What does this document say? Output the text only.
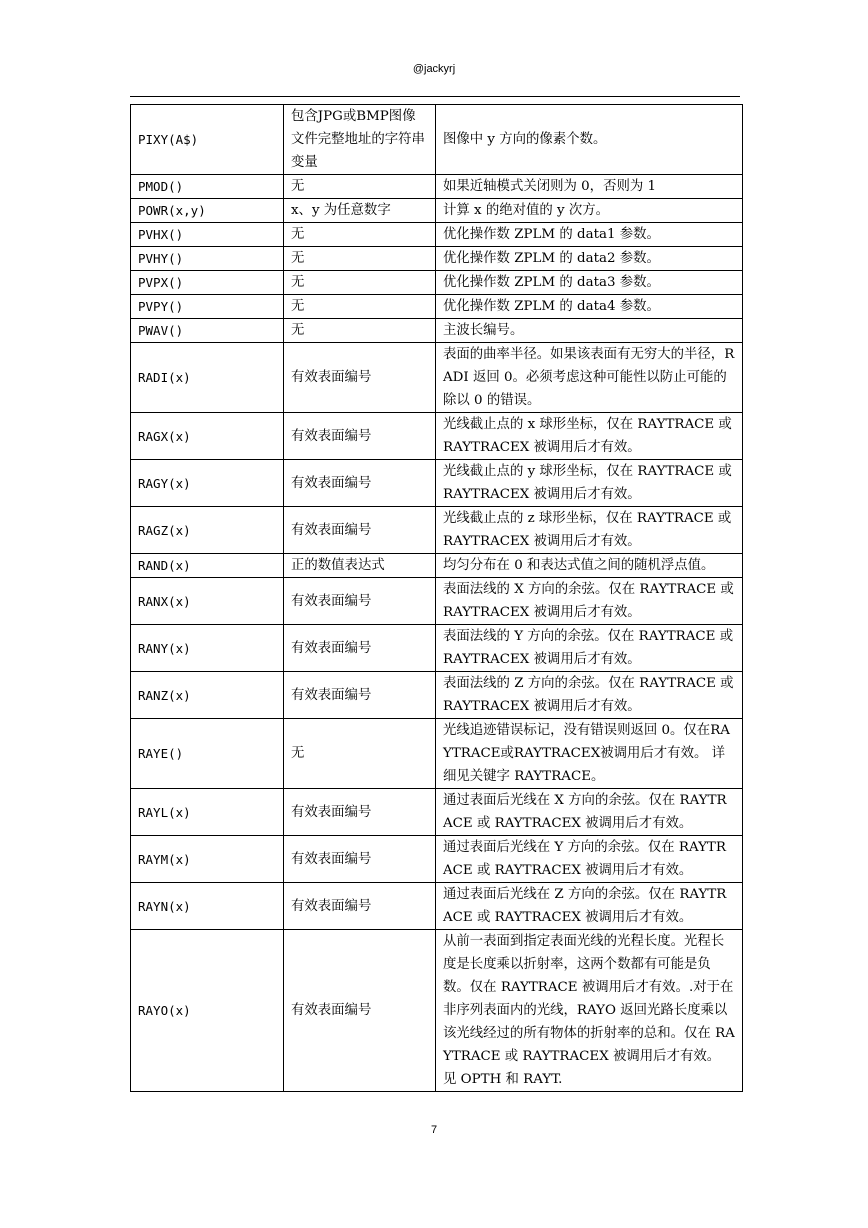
@jackyrj
PIXY(A$)	包含JPG或BMP图像文件完整地址的字符串变量	图像中 y 方向的像素个数。
PMOD()	无	如果近轴模式关闭则为 0，否则为 1
POWR(x,y)	x、y 为任意数字	计算 x 的绝对值的 y 次方。
PVHX()	无	优化操作数 ZPLM 的 data1 参数。
PVHY()	无	优化操作数 ZPLM 的 data2 参数。
PVPX()	无	优化操作数 ZPLM 的 data3 参数。
PVPY()	无	优化操作数 ZPLM 的 data4 参数。
PWAV()	无	主波长编号。
RADI(x)	有效表面编号	表面的曲率半径。如果该表面有无穷大的半径，RADI 返回 0。必须考虑这种可能性以防止可能的除以 0 的错误。
RAGX(x)	有效表面编号	光线截止点的 x 球形坐标，仅在 RAYTRACE 或 RAYTRACEX 被调用后才有效。
RAGY(x)	有效表面编号	光线截止点的 y 球形坐标，仅在 RAYTRACE 或 RAYTRACEX 被调用后才有效。
RAGZ(x)	有效表面编号	光线截止点的 z 球形坐标，仅在 RAYTRACE 或 RAYTRACEX 被调用后才有效。
RAND(x)	正的数值表达式	均匀分布在 0 和表达式值之间的随机浮点值。
RANX(x)	有效表面编号	表面法线的 X 方向的余弦。仅在 RAYTRACE 或 RAYTRACEX 被调用后才有效。
RANY(x)	有效表面编号	表面法线的 Y 方向的余弦。仅在 RAYTRACE 或 RAYTRACEX 被调用后才有效。
RANZ(x)	有效表面编号	表面法线的 Z 方向的余弦。仅在 RAYTRACE 或 RAYTRACEX 被调用后才有效。
RAYE()	无	光线追迹错误标记，没有错误则返回 0。仅在RAYTRACE或RAYTRACEX被调用后才有效。 详细见关键字 RAYTRACE。
RAYL(x)	有效表面编号	通过表面后光线在 X 方向的余弦。仅在 RAYTRACE 或 RAYTRACEX 被调用后才有效。
RAYM(x)	有效表面编号	通过表面后光线在 Y 方向的余弦。仅在 RAYTRACE 或 RAYTRACEX 被调用后才有效。
RAYN(x)	有效表面编号	通过表面后光线在 Z 方向的余弦。仅在 RAYTRACE 或 RAYTRACEX 被调用后才有效。
RAYO(x)	有效表面编号	从前一表面到指定表面光线的光程长度。光程长度是长度乘以折射率，这两个数都有可能是负数。仅在 RAYTRACE 被调用后才有效。.对于在非序列表面内的光线，RAYO 返回光路长度乘以该光线经过的所有物体的折射率的总和。仅在 RAYTRACE 或 RAYTRACEX 被调用后才有效。 见 OPTH 和 RAYT.
7
